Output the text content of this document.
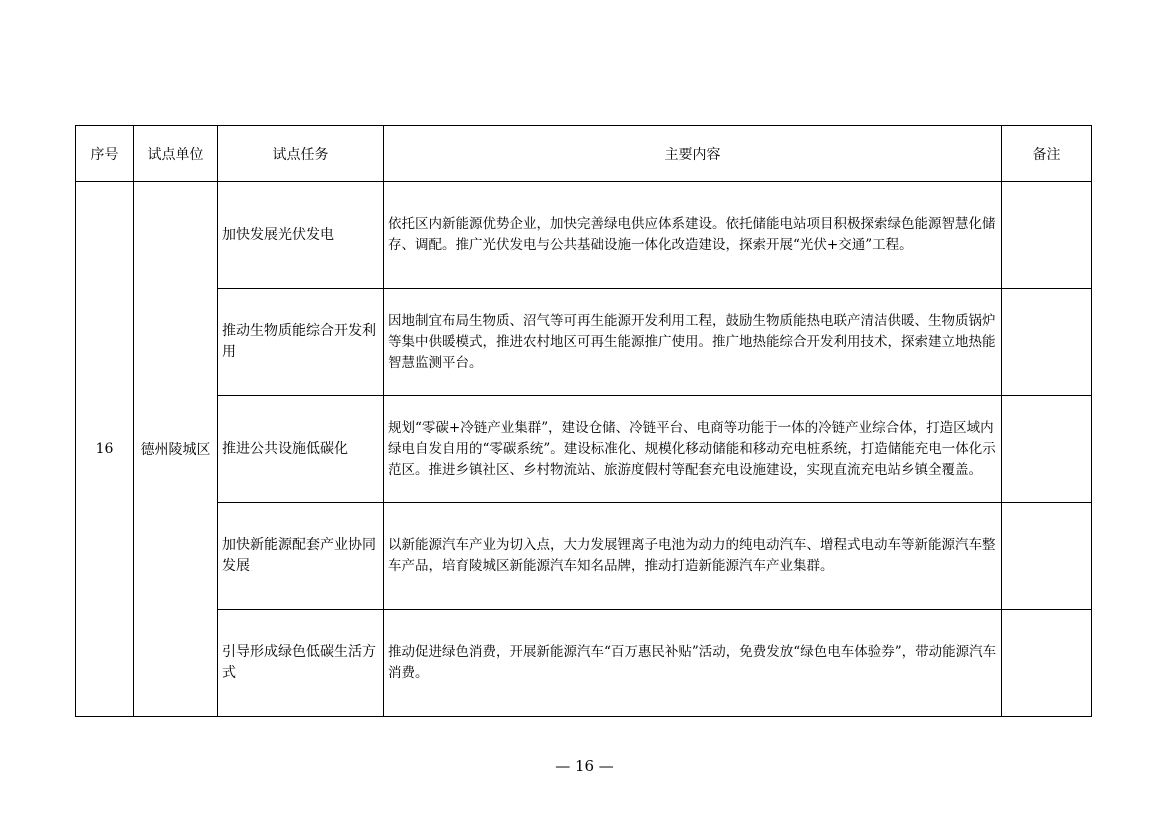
序号	试点单位	试点任务	主要内容	备注
16	德州陵城区	加快发展光伏发电	依托区内新能源优势企业，加快完善绿电供应体系建设。依托储能电站项目积极探索绿色能源智慧化储存、调配。推广光伏发电与公共基础设施一体化改造建设，探索开展“光伏+交通”工程。	
		推动生物质能综合开发利用	因地制宜布局生物质、沼气等可再生能源开发利用工程，鼓励生物质能热电联产清洁供暖、生物质锅炉等集中供暖模式，推进农村地区可再生能源推广使用。推广地热能综合开发利用技术，探索建立地热能智慧监测平台。	
		推进公共设施低碳化	规划“零碳+冷链产业集群”，建设仓储、冷链平台、电商等功能于一体的冷链产业综合体，打造区域内绿电自发自用的“零碳系统”。建设标准化、规模化移动储能和移动充电桩系统，打造储能充电一体化示范区。推进乡镇社区、乡村物流站、旅游度假村等配套充电设施建设，实现直流充电站乡镇全覆盖。	
		加快新能源配套产业协同发展	以新能源汽车产业为切入点，大力发展锂离子电池为动力的纯电动汽车、增程式电动车等新能源汽车整车产品，培育陵城区新能源汽车知名品牌，推动打造新能源汽车产业集群。	
		引导形成绿色低碳生活方式	推动促进绿色消费，开展新能源汽车“百万惠民补贴”活动，免费发放“绿色电车体验券”，带动能源汽车消费。	
— 16 —
